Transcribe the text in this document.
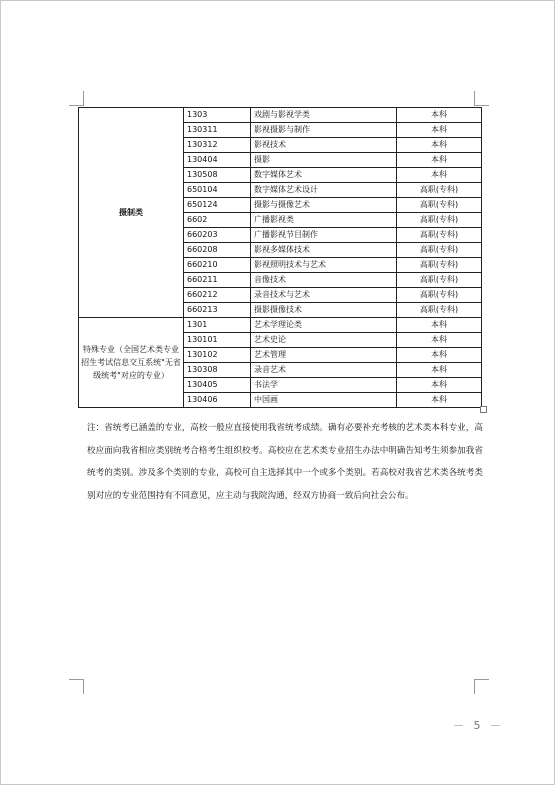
摄制类	1303	戏剧与影视学类	本科
	130311	影视摄影与制作	本科
	130312	影视技术	本科
	130404	摄影	本科
	130508	数字媒体艺术	本科
	650104	数字媒体艺术设计	高职(专科)
	650124	摄影与摄像艺术	高职(专科)
	6602	广播影视类	高职(专科)
	660203	广播影视节目制作	高职(专科)
	660208	影视多媒体技术	高职(专科)
	660210	影视照明技术与艺术	高职(专科)
	660211	音像技术	高职(专科)
	660212	录音技术与艺术	高职(专科)
	660213	摄影摄像技术	高职(专科)
特殊专业（全国艺术类专业招生考试信息交互系统"无省级统考"对应的专业）	1301	艺术学理论类	本科
	130101	艺术史论	本科
	130102	艺术管理	本科
	130308	录音艺术	本科
	130405	书法学	本科
	130406	中国画	本科
注：省统考已涵盖的专业，高校一般应直接使用我省统考成绩。确有必要补充考核的艺术类本科专业，高校应面向我省相应类别统考合格考生组织校考。高校应在艺术类专业招生办法中明确告知考生须参加我省统考的类别。涉及多个类别的专业，高校可自主选择其中一个或多个类别。若高校对我省艺术类各统考类别对应的专业范围持有不同意见，应主动与我院沟通，经双方协商一致后向社会公布。
－ 5 －
